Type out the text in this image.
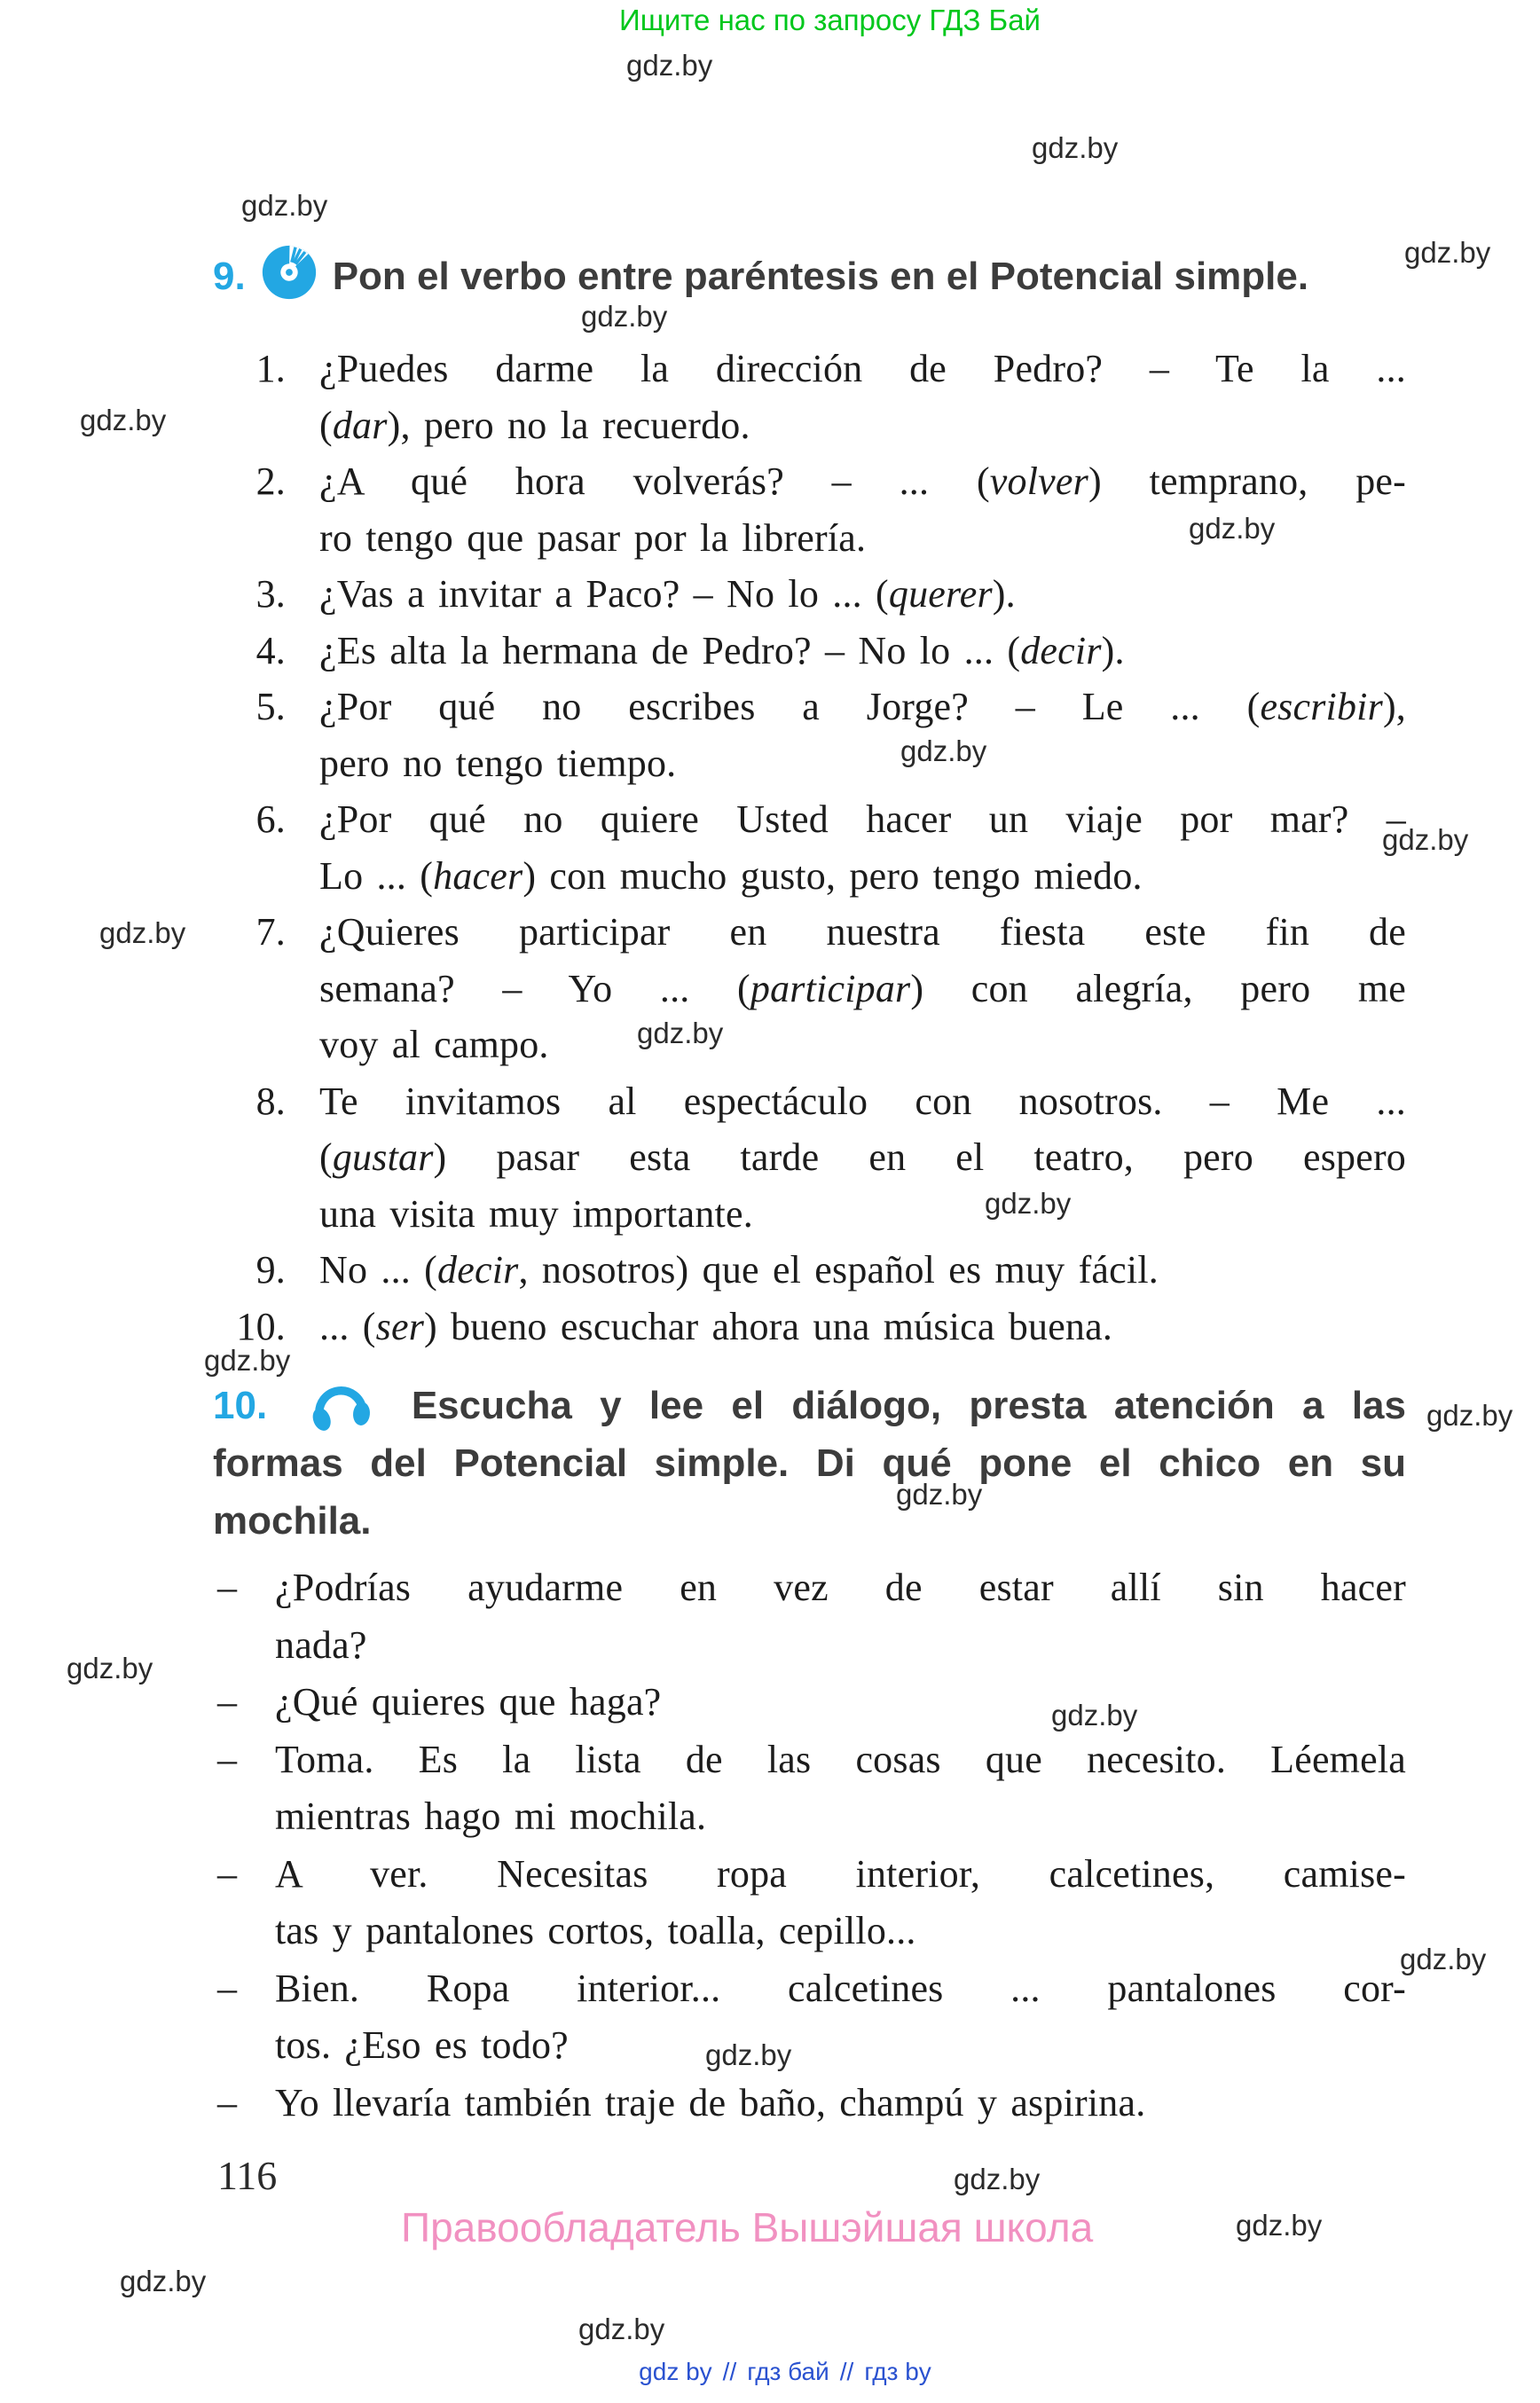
Ищите нас по запросу ГДЗ Бай
gdz.by
gdz.by
gdz.by
gdz.by
gdz.by
gdz.by
gdz.by
gdz.by
gdz.by
gdz.by
gdz.by
gdz.by
gdz.by
gdz.by
gdz.by
gdz.by
gdz.by
gdz.by
gdz.by
gdz.by
gdz.by
gdz.by
gdz.by
9. Pon el verbo entre paréntesis en el Potencial simple.
1. ¿Puedes darme la dirección de Pedro? – Te la ...
(dar), pero no la recuerdo.
2. ¿A qué hora volverás? – ... (volver) temprano, pe-
ro tengo que pasar por la librería.
3. ¿Vas a invitar a Paco? – No lo ... (querer).
4. ¿Es alta la hermana de Pedro? – No lo ... (decir).
5. ¿Por qué no escribes a Jorge? – Le ... (escribir),
pero no tengo tiempo.
6. ¿Por qué no quiere Usted hacer un viaje por mar? –
Lo ... (hacer) con mucho gusto, pero tengo miedo.
7. ¿Quieres participar en nuestra fiesta este fin de
semana? – Yo ... (participar) con alegría, pero me
voy al campo.
8. Te invitamos al espectáculo con nosotros. – Me ...
(gustar) pasar esta tarde en el teatro, pero espero
una visita muy importante.
9. No ... (decir, nosotros) que el español es muy fácil.
10. ... (ser) bueno escuchar ahora una música buena.
10.	Escucha y lee el diálogo, presta atención a las
formas del Potencial simple. Di qué pone el chico en su
mochila.
– ¿Podrías ayudarme en vez de estar allí sin hacer
nada?
– ¿Qué quieres que haga?
– Toma. Es la lista de las cosas que necesito. Léemela
mientras hago mi mochila.
– A ver. Necesitas ropa interior, calcetines, camise-
tas y pantalones cortos, toalla, cepillo...
– Bien. Ropa interior... calcetines ... pantalones cor-
tos. ¿Eso es todo?
– Yo llevaría también traje de baño, champú y aspirina.
116
Правообладатель Вышэйшая школа
gdz by // гдз бай // гдз by
